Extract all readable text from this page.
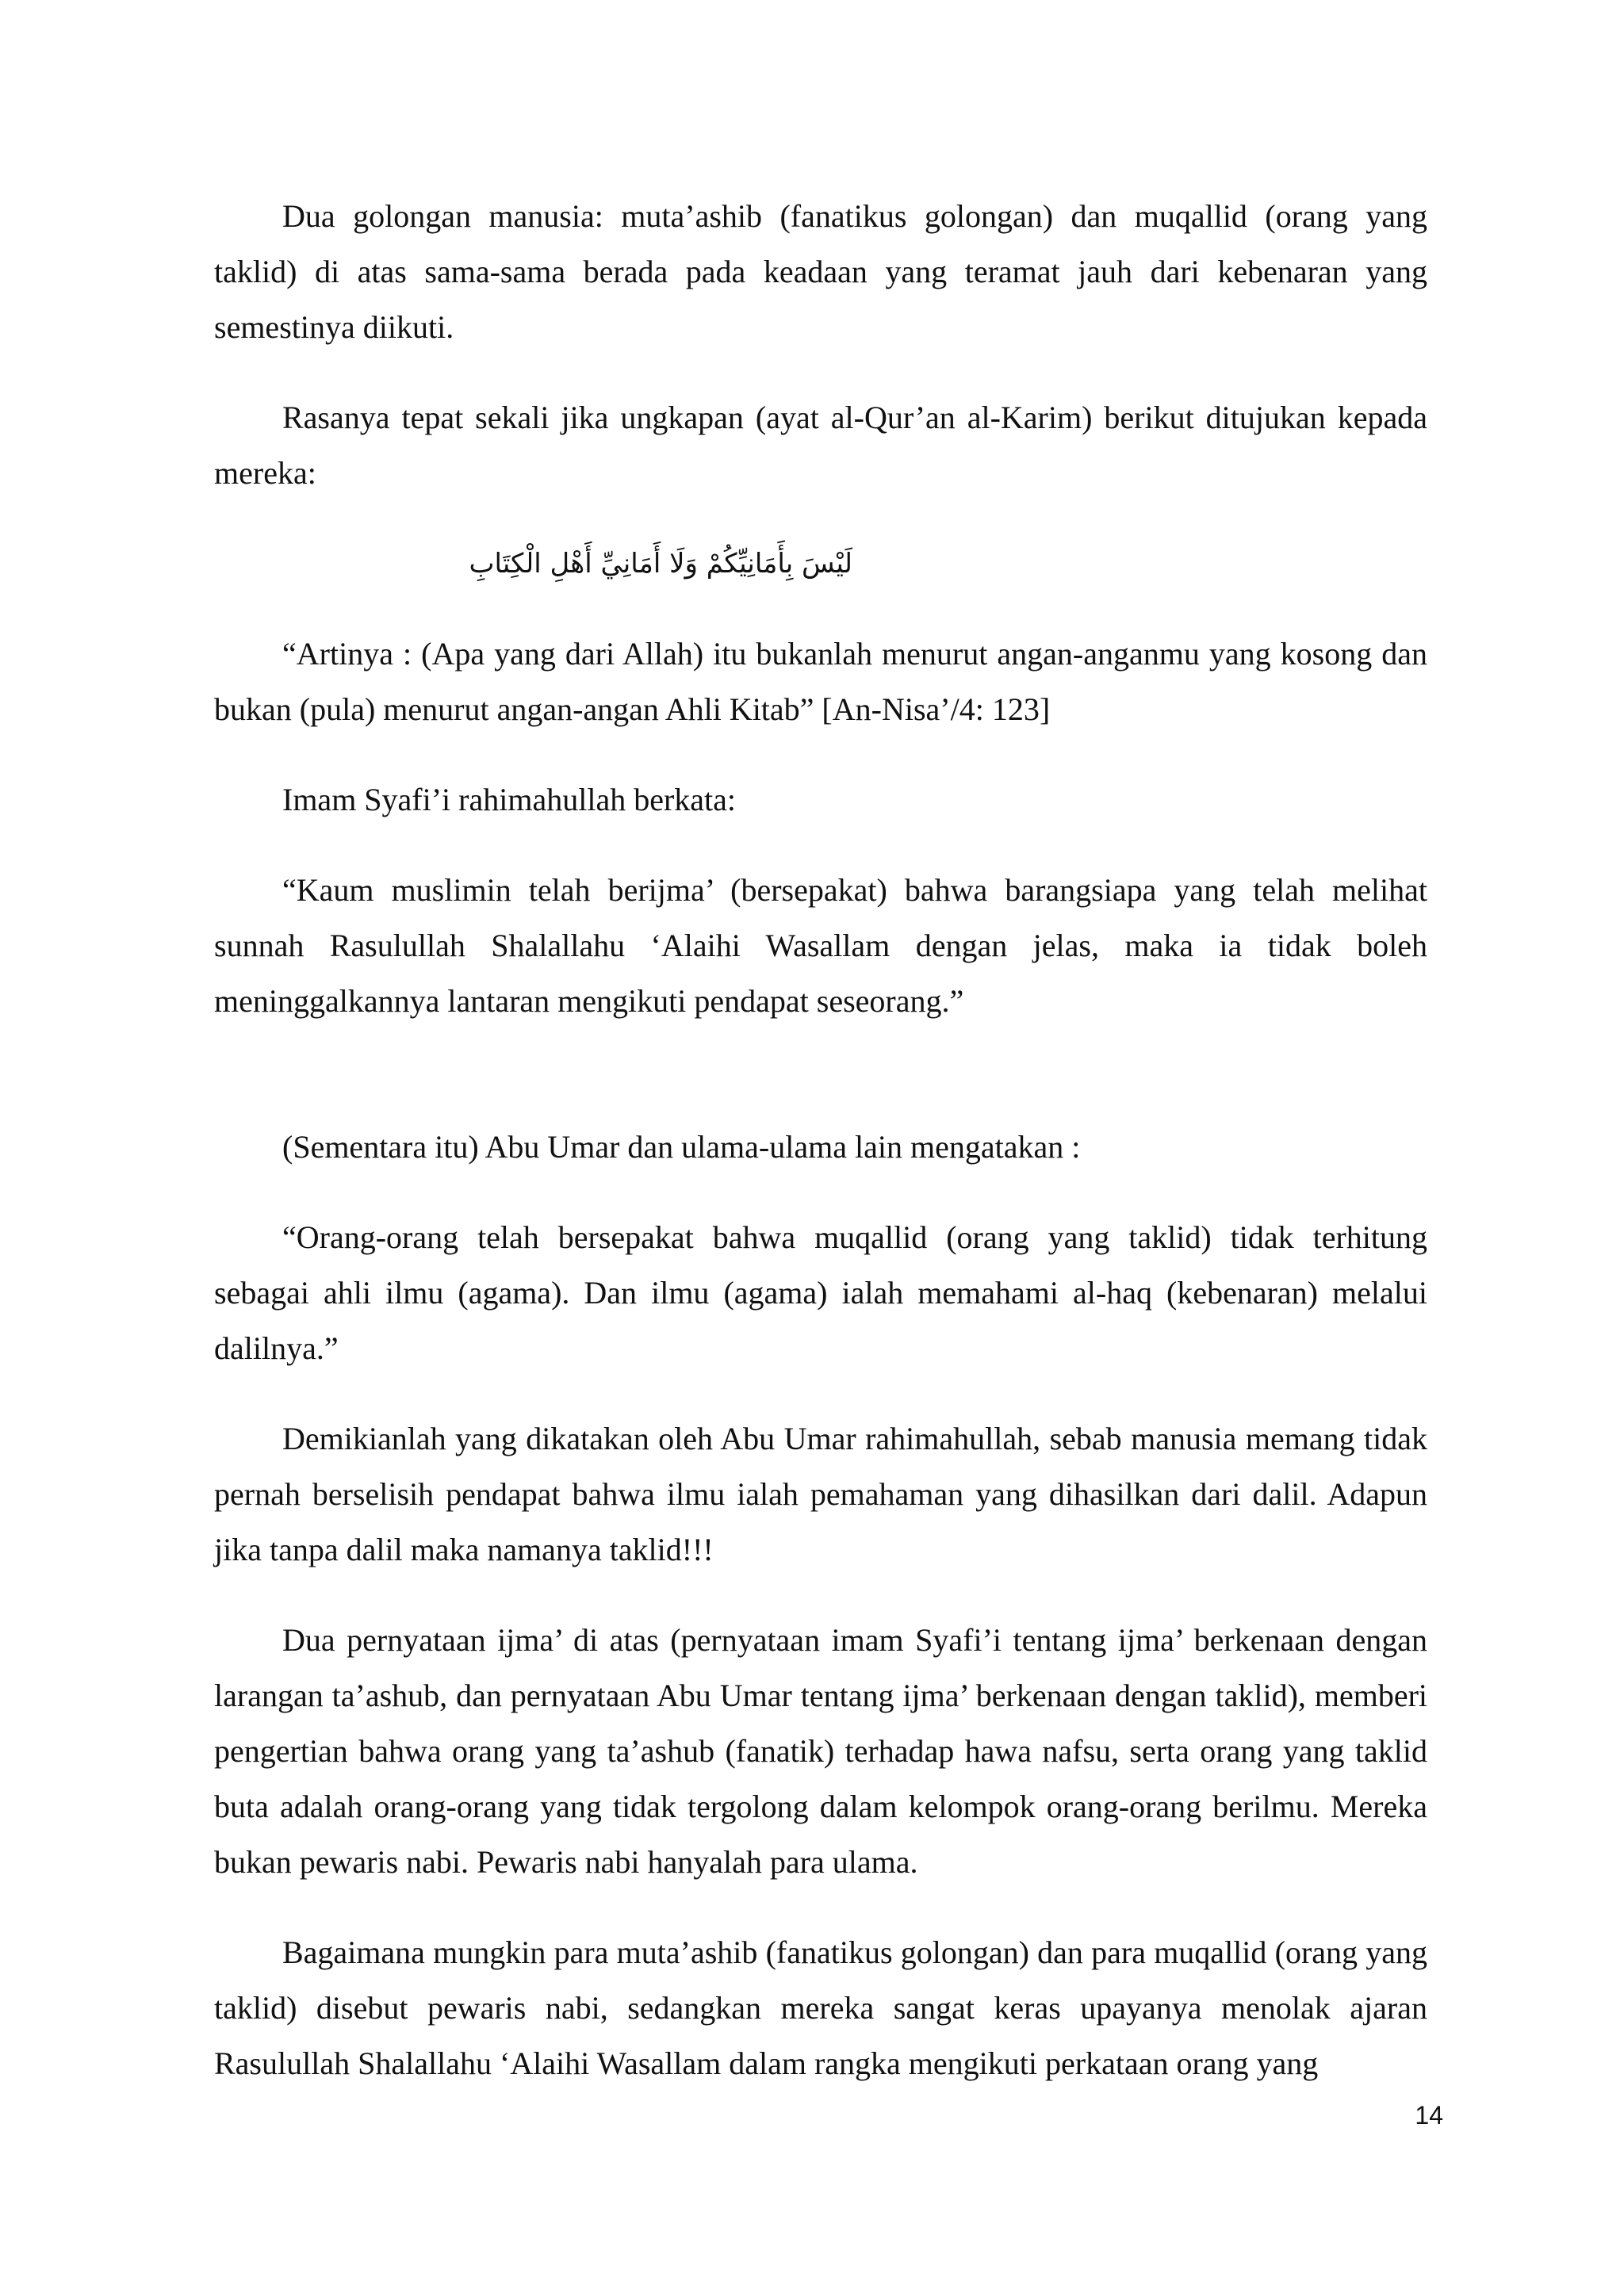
Dua golongan manusia: muta’ashib (fanatikus golongan) dan muqallid (orang yang taklid) di atas sama-sama berada pada keadaan yang teramat jauh dari kebenaran yang semestinya diikuti.

Rasanya tepat sekali jika ungkapan (ayat al-Qur’an al-Karim) berikut ditujukan kepada mereka:

لَيْسَ بِأَمَانِيِّكُمْ وَلَا أَمَانِيِّ أَهْلِ الْكِتَابِ

“Artinya : (Apa yang dari Allah) itu bukanlah menurut angan-anganmu yang kosong dan bukan (pula) menurut angan-angan Ahli Kitab” [An-Nisa’/4: 123]

Imam Syafi’i rahimahullah berkata:

“Kaum muslimin telah berijma’ (bersepakat) bahwa barangsiapa yang telah melihat sunnah Rasulullah Shalallahu ‘Alaihi Wasallam dengan jelas, maka ia tidak boleh meninggalkannya lantaran mengikuti pendapat seseorang.”

(Sementara itu) Abu Umar dan ulama-ulama lain mengatakan :

“Orang-orang telah bersepakat bahwa muqallid (orang yang taklid) tidak terhitung sebagai ahli ilmu (agama). Dan ilmu (agama) ialah memahami al-haq (kebenaran) melalui dalilnya.”

Demikianlah yang dikatakan oleh Abu Umar rahimahullah, sebab manusia memang tidak pernah berselisih pendapat bahwa ilmu ialah pemahaman yang dihasilkan dari dalil. Adapun jika tanpa dalil maka namanya taklid!!!

Dua pernyataan ijma’ di atas (pernyataan imam Syafi’i tentang ijma’ berkenaan dengan larangan ta’ashub, dan pernyataan Abu Umar tentang ijma’ berkenaan dengan taklid), memberi pengertian bahwa orang yang ta’ashub (fanatik) terhadap hawa nafsu, serta orang yang taklid buta adalah orang-orang yang tidak tergolong dalam kelompok orang-orang berilmu. Mereka bukan pewaris nabi. Pewaris nabi hanyalah para ulama.

Bagaimana mungkin para muta’ashib (fanatikus golongan) dan para muqallid (orang yang taklid) disebut pewaris nabi, sedangkan mereka sangat keras upayanya menolak ajaran Rasulullah Shalallahu ‘Alaihi Wasallam dalam rangka mengikuti perkataan orang yang

14
